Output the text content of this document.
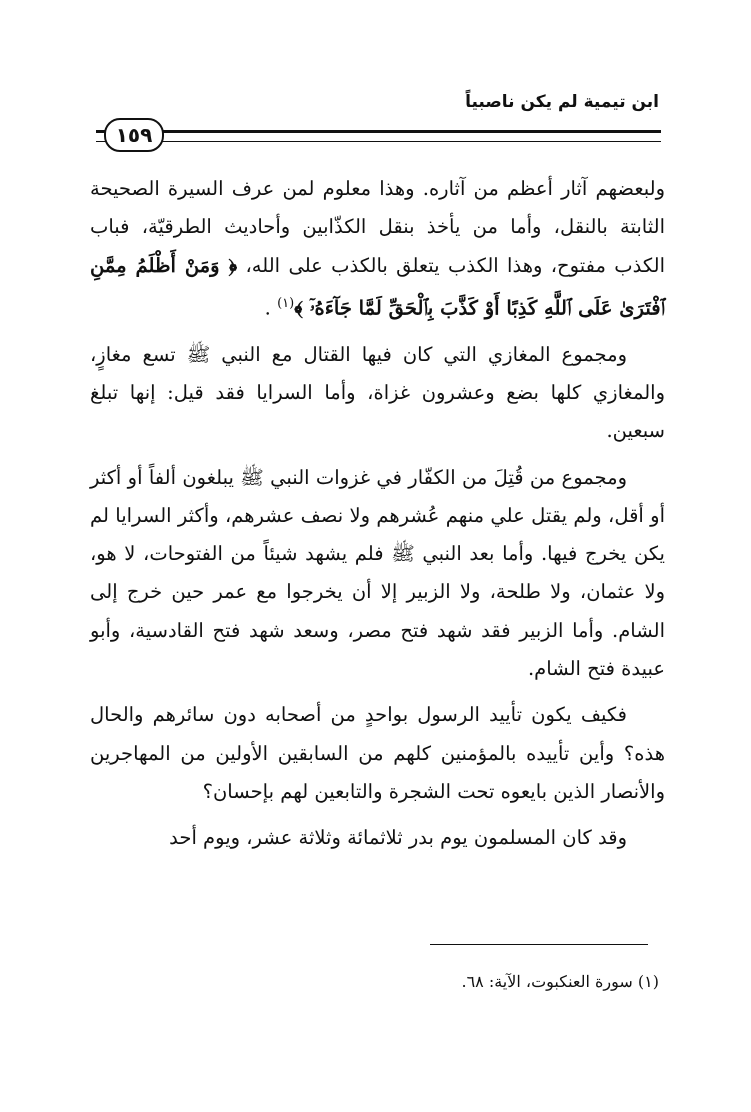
ابن تيمية لم يكن ناصبياً
١٥٩

ولبعضهم آثار أعظم من آثاره. وهذا معلوم لمن عرف السيرة الصحيحة الثابتة بالنقل، وأما من يأخذ بنقل الكذّابين وأحاديث الطرقيّة، فباب الكذب مفتوح، وهذا الكذب يتعلق بالكذب على الله، ﴿ وَمَنْ أَظْلَمُ مِمَّنِ ٱفْتَرَىٰ عَلَى ٱللَّهِ كَذِبًا أَوْ كَذَّبَ بِٱلْحَقِّ لَمَّا جَآءَهُۥٓ ﴾$^{(١)}$ .

ومجموع المغازي التي كان فيها القتال مع النبي ﷺ تسع مغازٍ، والمغازي كلها بضع وعشرون غزاة، وأما السرايا فقد قيل: إنها تبلغ سبعين.

ومجموع من قُتِلَ من الكفّار في غزوات النبي ﷺ يبلغون ألفاً أو أكثر أو أقل، ولم يقتل علي منهم عُشرهم ولا نصف عشرهم، وأكثر السرايا لم يكن يخرج فيها. وأما بعد النبي ﷺ فلم يشهد شيئاً من الفتوحات، لا هو، ولا عثمان، ولا طلحة، ولا الزبير إلا أن يخرجوا مع عمر حين خرج إلى الشام. وأما الزبير فقد شهد فتح مصر، وسعد شهد فتح القادسية، وأبو عبيدة فتح الشام.

فكيف يكون تأييد الرسول بواحدٍ من أصحابه دون سائرهم والحال هذه؟ وأين تأييده بالمؤمنين كلهم من السابقين الأولين من المهاجرين والأنصار الذين بايعوه تحت الشجرة والتابعين لهم بإحسان؟

وقد كان المسلمون يوم بدر ثلاثمائة وثلاثة عشر، ويوم أحد

(١) سورة العنكبوت، الآية: ٦٨.
